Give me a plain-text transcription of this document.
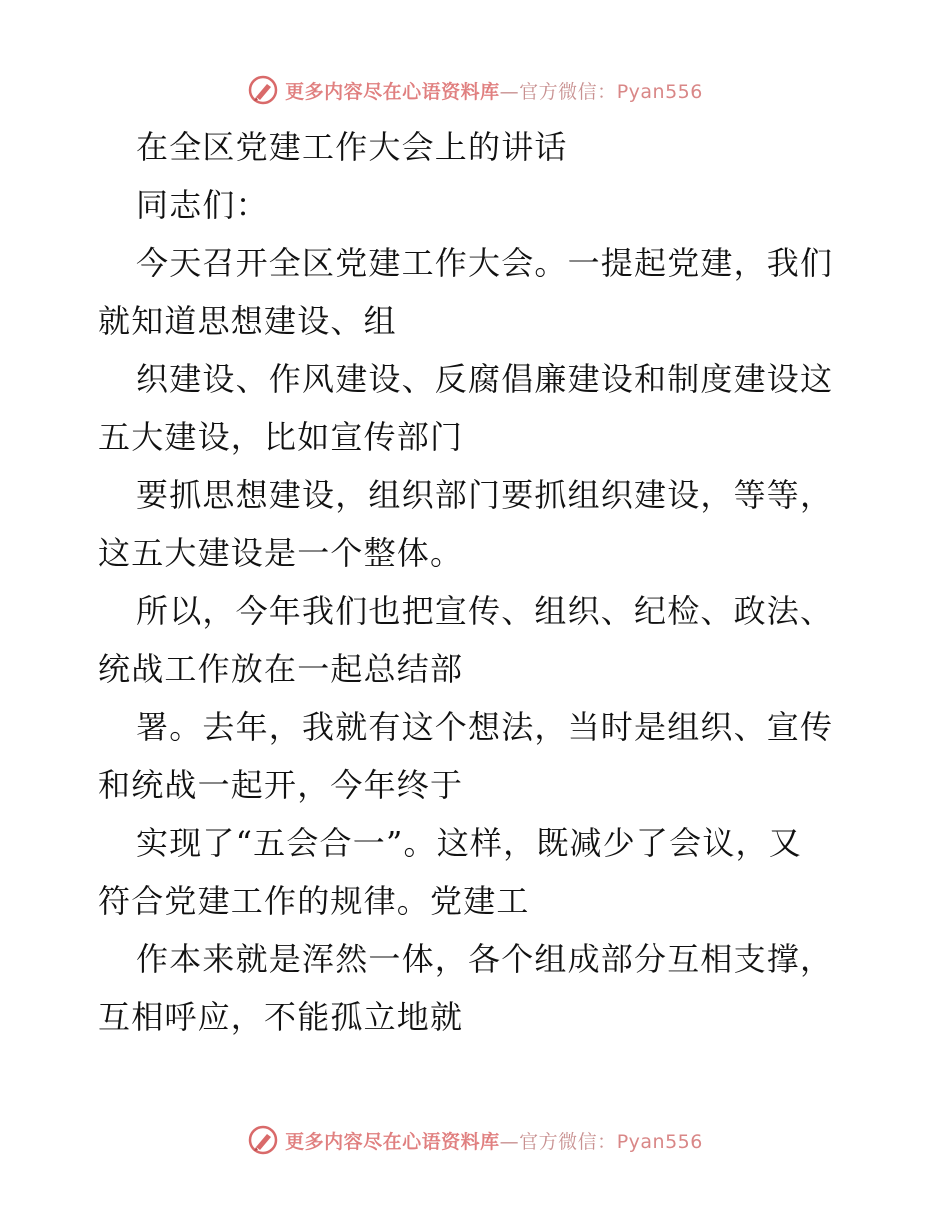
更多内容尽在心语资料库—官方微信：Pyan556
在全区党建工作大会上的讲话
同志们：
今天召开全区党建工作大会。一提起党建，我们
就知道思想建设、组
织建设、作风建设、反腐倡廉建设和制度建设这
五大建设，比如宣传部门
要抓思想建设，组织部门要抓组织建设，等等，
这五大建设是一个整体。
所以，今年我们也把宣传、组织、纪检、政法、
统战工作放在一起总结部
署。去年，我就有这个想法，当时是组织、宣传
和统战一起开，今年终于
实现了“五会合一”。这样，既减少了会议，又
符合党建工作的规律。党建工
作本来就是浑然一体，各个组成部分互相支撑，
互相呼应，不能孤立地就
更多内容尽在心语资料库—官方微信：Pyan556
